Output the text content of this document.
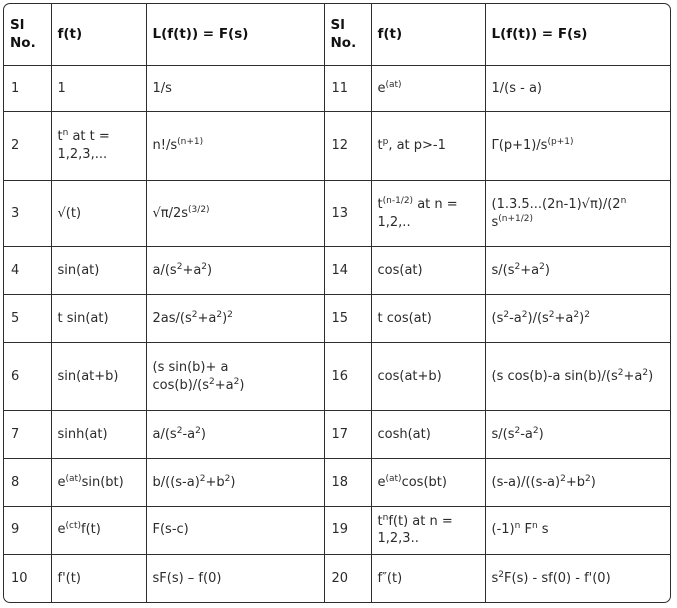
Sl No.	f(t)	L(f(t)) = F(s)	Sl No.	f(t)	L(f(t)) = F(s)
1	1	1/s	11	$e^{(at)}$	1/(s - a)
2	$t^n$ at t = 1,2,3,...	$n!/s^{(n+1)}$	12	$t^p$, at p>-1	$\Gamma(p+1)/s^{(p+1)}$
3	√(t)	$√\pi/2s^{(3/2)}$	13	$t^{(n-1/2)}$ at n = 1,2,..	(1.3.5...(2n-1)√π)/(2$^n$ $s^{(n+1/2)}$
4	sin(at)	$a/(s^2+a^2)$	14	cos(at)	$s/(s^2+a^2)$
5	t sin(at)	$2as/(s^2+a^2)^2$	15	t cos(at)	$(s^2-a^2)/(s^2+a^2)^2$
6	sin(at+b)	(s sin(b)+ a $\cos(b)/(s^2+a^2)$	16	cos(at+b)	(s cos(b)-a $\sin(b)/(s^2+a^2)$
7	sinh(at)	$a/(s^2-a^2)$	17	cosh(at)	$s/(s^2-a^2)$
8	$e^{(at)}\sin(bt)$	$b/((s-a)^2+b^2)$	18	$e^{(at)}\cos(bt)$	$(s-a)/((s-a)^2+b^2)$
9	$e^{(ct)}f(t)$	F(s-c)	19	$t^nf(t)$ at n = 1,2,3..	$(-1)^n$ $F^n$ s
10	f'(t)	sF(s) – f(0)	20	f″(t)	$s^2F(s) - sf(0) - f'(0)$
